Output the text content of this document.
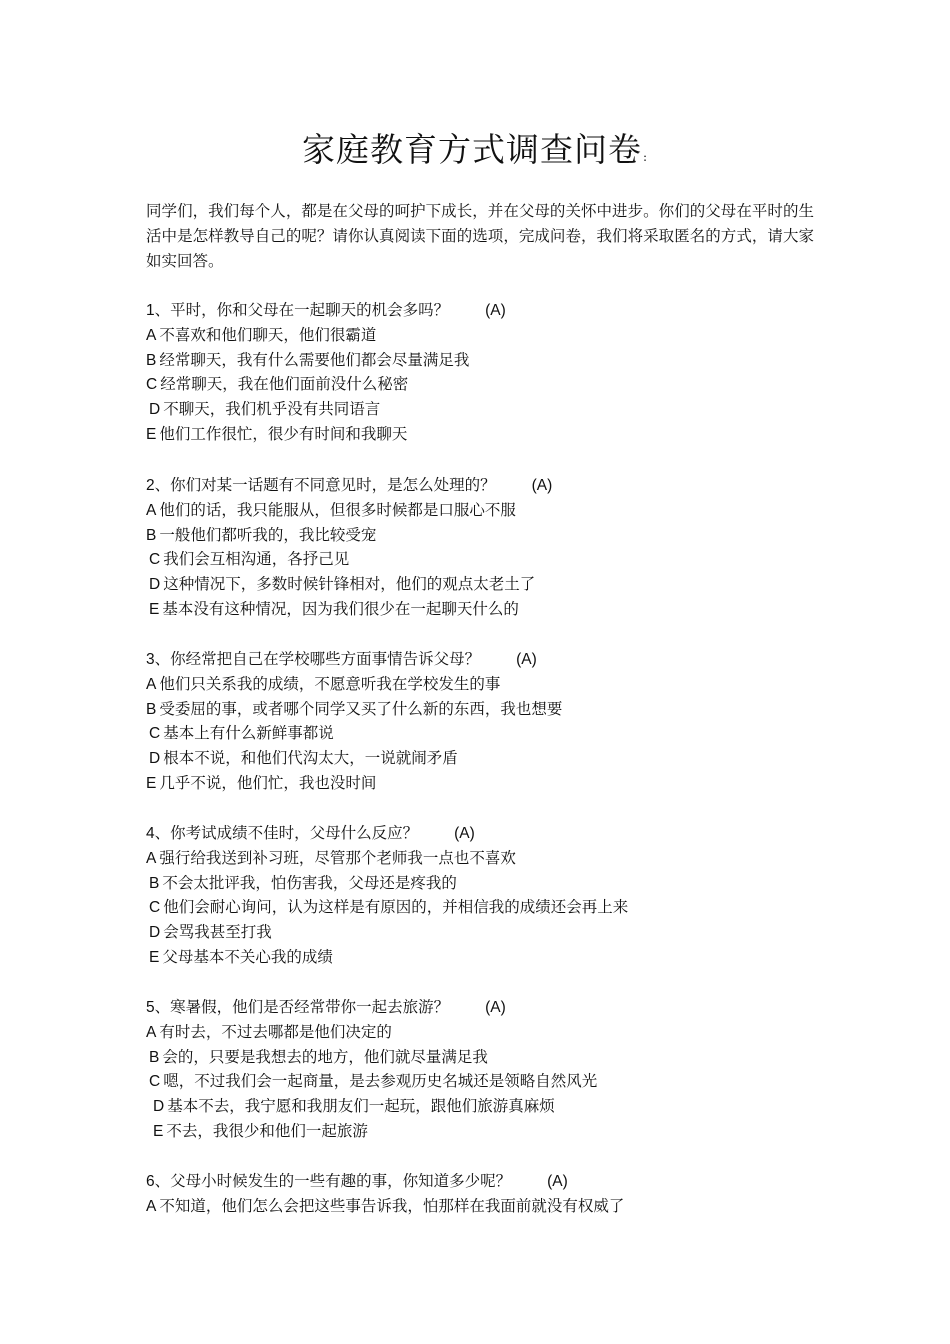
家庭教育方式调查问卷:

同学们，我们每个人，都是在父母的呵护下成长，并在父母的关怀中进步。你们的父母在平时的生活中是怎样教导自己的呢？请你认真阅读下面的选项，完成问卷，我们将采取匿名的方式，请大家如实回答。

1、平时，你和父母在一起聊天的机会多吗？ (A)
A 不喜欢和他们聊天，他们很霸道
B 经常聊天，我有什么需要他们都会尽量满足我
C 经常聊天，我在他们面前没什么秘密
D 不聊天，我们机乎没有共同语言
E 他们工作很忙，很少有时间和我聊天
2、你们对某一话题有不同意见时，是怎么处理的？ (A)
A 他们的话，我只能服从，但很多时候都是口服心不服
B 一般他们都听我的，我比较受宠
C 我们会互相沟通，各抒己见
D 这种情况下，多数时候针锋相对，他们的观点太老土了
E 基本没有这种情况，因为我们很少在一起聊天什么的
3、你经常把自己在学校哪些方面事情告诉父母？ (A)
A 他们只关系我的成绩，不愿意听我在学校发生的事
B 受委屈的事，或者哪个同学又买了什么新的东西，我也想要
C 基本上有什么新鲜事都说
D 根本不说，和他们代沟太大，一说就闹矛盾
E 几乎不说，他们忙，我也没时间
4、你考试成绩不佳时，父母什么反应？ (A)
A 强行给我送到补习班，尽管那个老师我一点也不喜欢
B 不会太批评我，怕伤害我，父母还是疼我的
C 他们会耐心询问，认为这样是有原因的，并相信我的成绩还会再上来
D 会骂我甚至打我
E 父母基本不关心我的成绩
5、寒暑假，他们是否经常带你一起去旅游？ (A)
A 有时去，不过去哪都是他们决定的
B 会的，只要是我想去的地方，他们就尽量满足我
C 嗯，不过我们会一起商量，是去参观历史名城还是领略自然风光
D 基本不去，我宁愿和我朋友们一起玩，跟他们旅游真麻烦
E 不去，我很少和他们一起旅游
6、父母小时候发生的一些有趣的事，你知道多少呢？ (A)
A 不知道，他们怎么会把这些事告诉我，怕那样在我面前就没有权威了
